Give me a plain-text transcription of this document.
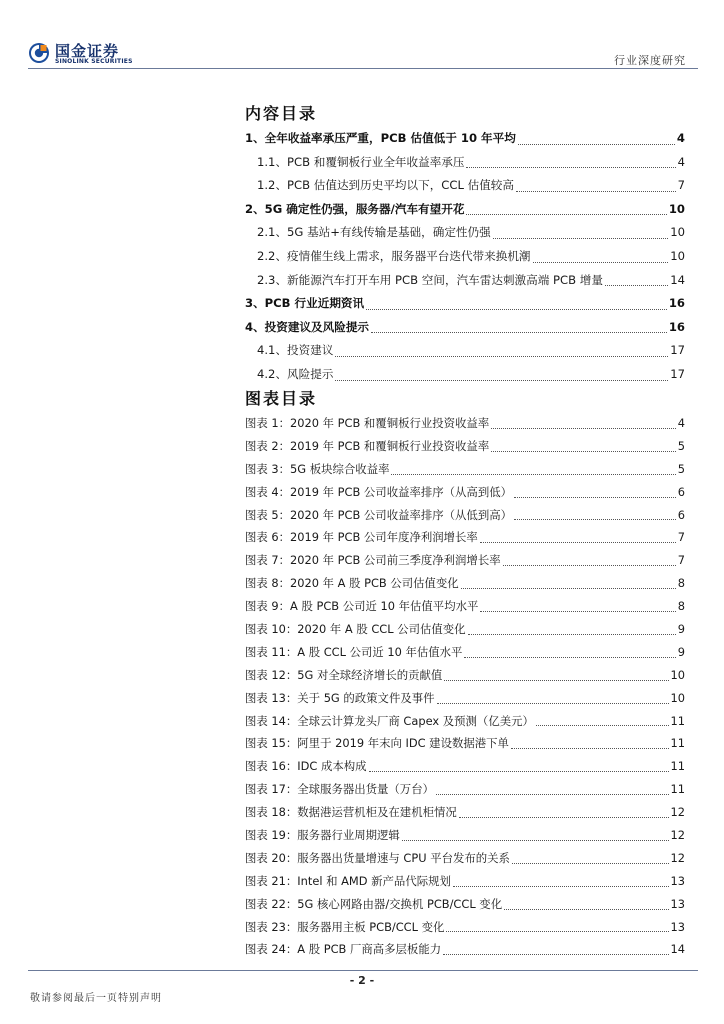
国金证券
SINOLINK SECURITIES	行业深度研究
内容目录
1、全年收益率承压严重，PCB 估值低于 10 年平均	4
1.1、PCB 和覆铜板行业全年收益率承压	4
1.2、PCB 估值达到历史平均以下，CCL 估值较高	7
2、5G 确定性仍强，服务器/汽车有望开花	10
2.1、5G 基站+有线传输是基础，确定性仍强	10
2.2、疫情催生线上需求，服务器平台迭代带来换机潮	10
2.3、新能源汽车打开车用 PCB 空间，汽车雷达刺激高端 PCB 增量	14
3、PCB 行业近期资讯	16
4、投资建议及风险提示	16
4.1、投资建议	17
4.2、风险提示	17
图表目录
图表 1：2020 年 PCB 和覆铜板行业投资收益率	4
图表 2：2019 年 PCB 和覆铜板行业投资收益率	5
图表 3：5G 板块综合收益率	5
图表 4：2019 年 PCB 公司收益率排序（从高到低）	6
图表 5：2020 年 PCB 公司收益率排序（从低到高）	6
图表 6：2019 年 PCB 公司年度净利润增长率	7
图表 7：2020 年 PCB 公司前三季度净利润增长率	7
图表 8：2020 年 A 股 PCB 公司估值变化	8
图表 9：A 股 PCB 公司近 10 年估值平均水平	8
图表 10：2020 年 A 股 CCL 公司估值变化	9
图表 11：A 股 CCL 公司近 10 年估值水平	9
图表 12：5G 对全球经济增长的贡献值	10
图表 13：关于 5G 的政策文件及事件	10
图表 14：全球云计算龙头厂商 Capex 及预测（亿美元）	11
图表 15：阿里于 2019 年末向 IDC 建设数据港下单	11
图表 16：IDC 成本构成	11
图表 17：全球服务器出货量（万台）	11
图表 18：数据港运营机柜及在建机柜情况	12
图表 19：服务器行业周期逻辑	12
图表 20：服务器出货量增速与 CPU 平台发布的关系	12
图表 21：Intel 和 AMD 新产品代际规划	13
图表 22：5G 核心网路由器/交换机 PCB/CCL 变化	13
图表 23：服务器用主板 PCB/CCL 变化	13
图表 24：A 股 PCB 厂商高多层板能力	14
- 2 -
敬请参阅最后一页特别声明
